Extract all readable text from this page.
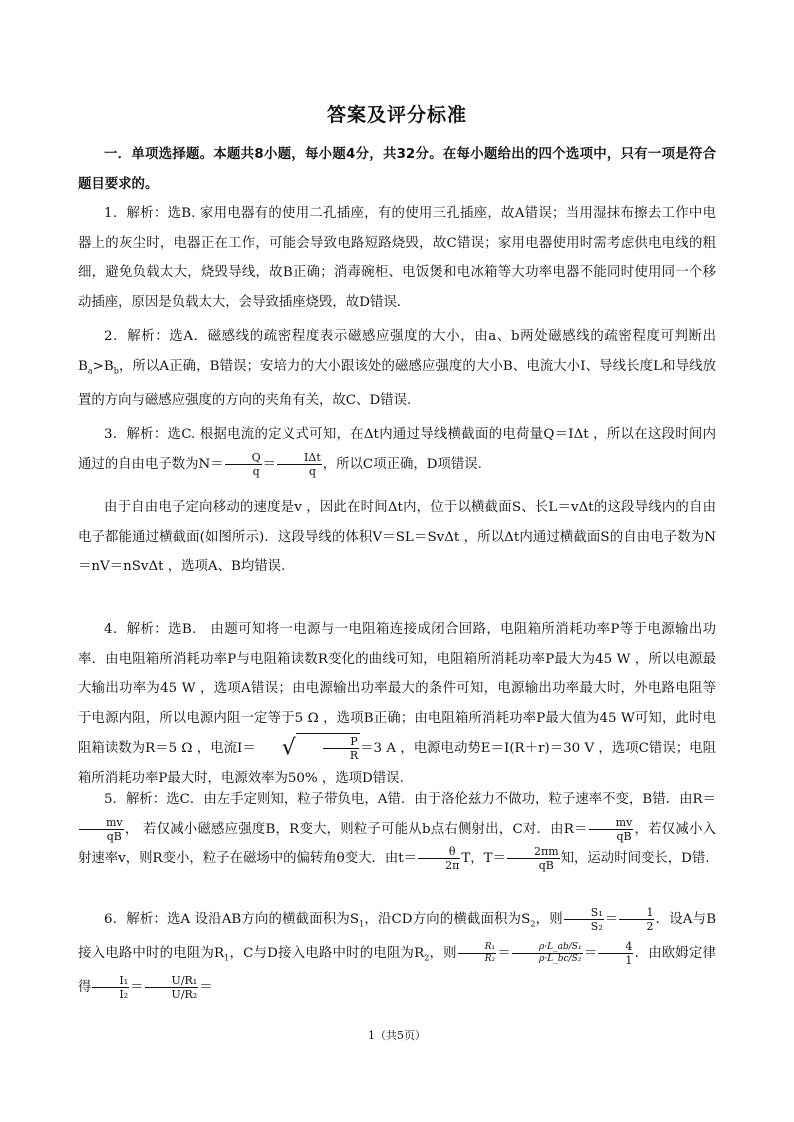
答案及评分标准

一．单项选择题。本题共8小题，每小题4分，共32分。在每小题给出的四个选项中，只有一项是符合题目要求的。

1．解析：选B. 家用电器有的使用二孔插座，有的使用三孔插座，故A错误；当用湿抹布擦去工作中电器上的灰尘时，电器正在工作，可能会导致电路短路烧毁，故C错误；家用电器使用时需考虑供电电线的粗细，避免负载太大，烧毁导线，故B正确；消毒碗柜、电饭煲和电冰箱等大功率电器不能同时使用同一个移动插座，原因是负载太大，会导致插座烧毁，故D错误.

2．解析：选A．磁感线的疏密程度表示磁感应强度的大小，由a、b两处磁感线的疏密程度可判断出$B_a>B_b$，所以A正确，B错误；安培力的大小跟该处的磁感应强度的大小B、电流大小I、导线长度L和导线放置的方向与磁感应强度的方向的夹角有关，故C、D错误.

3．解析：选C. 根据电流的定义式可知，在Δt内通过导线横截面的电荷量Q＝IΔt ，所以在这段时间内通过的自由电子数为$N= \frac{Q}{q} = \frac{\text{IΔt}}{q}$ ，所以C项正确，D项错误.

由于自由电子定向移动的速度是v ，因此在时间Δt内，位于以横截面S、长L＝vΔt的这段导线内的自由电子都能通过横截面(如图所示)．这段导线的体积V＝SL＝SvΔt ，所以Δt内通过横截面S的自由电子数为N＝nV＝nSvΔt ，选项A、B均错误.

4．解析：选B． 由题可知将一电源与一电阻箱连接成闭合回路，电阻箱所消耗功率P等于电源输出功率．由电阻箱所消耗功率P与电阻箱读数R变化的曲线可知，电阻箱所消耗功率P最大为45 W ，所以电源最大输出功率为45 W ，选项A错误；由电源输出功率最大的条件可知，电源输出功率最大时，外电路电阻等于电源内阻，所以电源内阻一定等于5 Ω ，选项B正确；由电阻箱所消耗功率P最大值为45 W可知，此时电阻箱读数为R＝5 Ω ，电流I＝ √ $\frac{P}{R} =3$ A ，电源电动势E＝I(R＋r)＝30 V ，选项C错误；电阻箱所消耗功率P最大时，电源效率为50% ，选项D错误.

5．解析：选C．由左手定则知，粒子带负电，A错．由于洛伦兹力不做功，粒子速率不变，B错．由R＝
$\frac{mv}{qB}$ ， 若仅减小磁感应强度B，R变大，则粒子可能从b点右侧射出，C对．由$R= \frac{mv}{qB}$ ，若仅减小入射速率v，则R变小，粒子在磁场中的偏转角θ变大．由$t= \frac{\theta}{2\pi}$ T，$T= \frac{2\pi m}{qB}$ 知，运动时间变长，D错.

6．解析：选A 设沿AB方向的横截面积为$S_1$，沿CD方向的横截面积为$S_2$，则 $\frac{\text{S₁}}{\text{S₂}} = \frac{1}{2}$ ．设A与B接入电路中时的电阻为$R_1$，C与D接入电路中时的电阻为$R_2$，则 $\frac{\text{R₁}}{\text{R₂}} = \frac{\text{ρ·L\_ab/S₁}}{\text{ρ·L\_bc/S₂}} = \frac{4}{1}$ ．由欧姆定律得 $\frac{\text{I₁}}{\text{I₂}} = \frac{\text{U/R₁}}{\text{U/R₂}}$ ＝

1（共5页）
